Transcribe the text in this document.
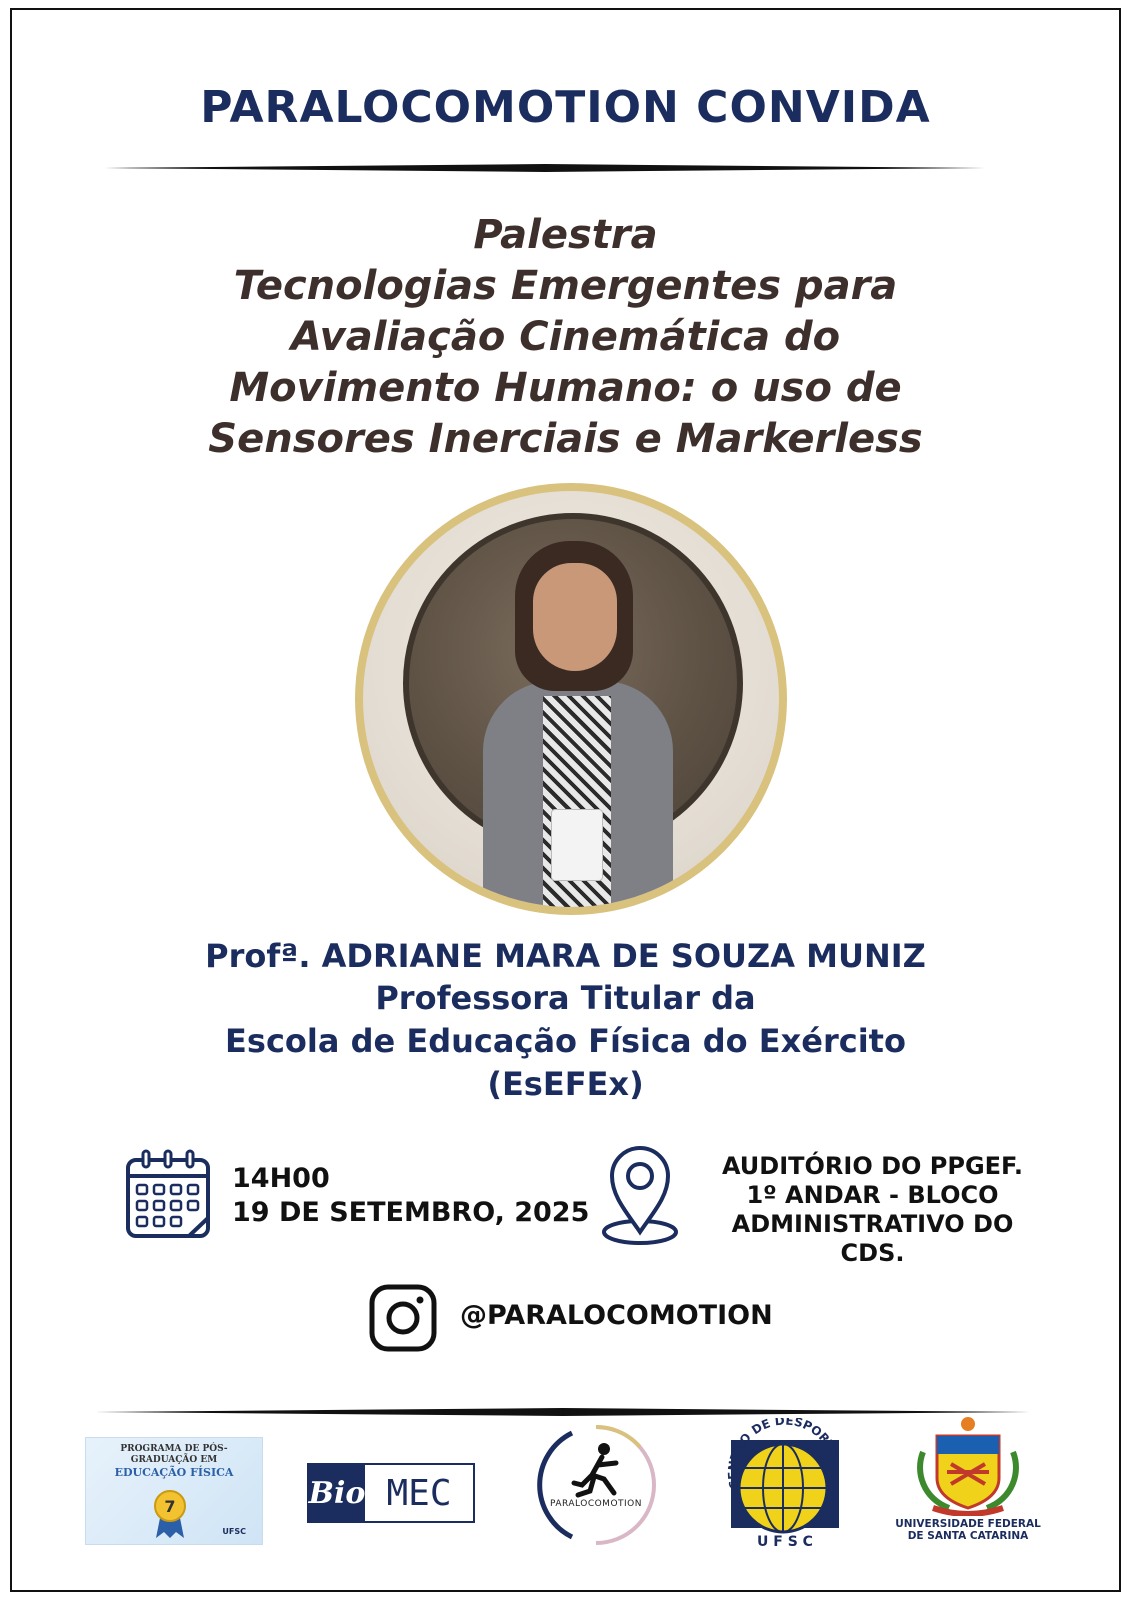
PARALOCOMOTION CONVIDA
Palestra
Tecnologias Emergentes para
Avaliação Cinemática do
Movimento Humano: o uso de
Sensores Inerciais e Markerless
Profª. ADRIANE MARA DE SOUZA MUNIZ
Professora Titular da
Escola de Educação Física do Exército
(EsEFEx)
14H00
19 DE SETEMBRO, 2025
AUDITÓRIO DO PPGEF.
1º ANDAR - BLOCO
ADMINISTRATIVO DO CDS.
@PARALOCOMOTION
PROGRAMA DE PÓS-
GRADUAÇÃO EM
EDUCAÇÃO FÍSICA
7
UFSC
Bio MEC	PARALOCOMOTION
CENTRO DE DESPORTO
U F S C
UNIVERSIDADE FEDERAL
DE SANTA CATARINA
